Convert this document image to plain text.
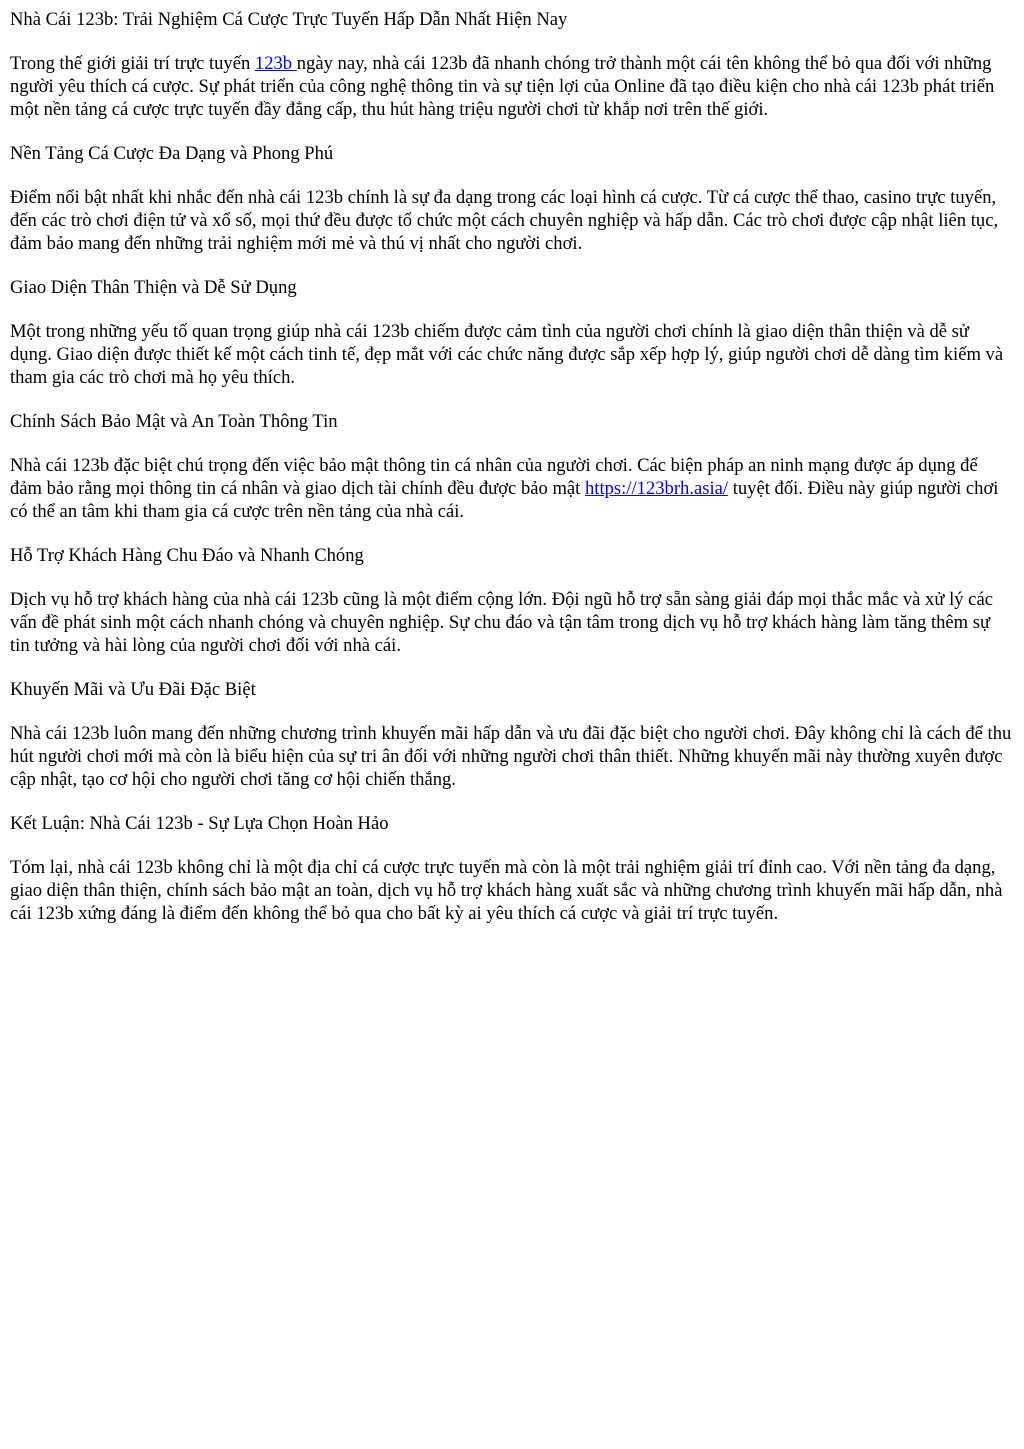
Nhà Cái 123b: Trải Nghiệm Cá Cược Trực Tuyến Hấp Dẫn Nhất Hiện Nay

Trong thế giới giải trí trực tuyến 123b ngày nay, nhà cái 123b đã nhanh chóng trở thành một cái tên không thể bỏ qua đối với những người yêu thích cá cược. Sự phát triển của công nghệ thông tin và sự tiện lợi của Online đã tạo điều kiện cho nhà cái 123b phát triển một nền tảng cá cược trực tuyến đầy đẳng cấp, thu hút hàng triệu người chơi từ khắp nơi trên thế giới.

Nền Tảng Cá Cược Đa Dạng và Phong Phú

Điểm nổi bật nhất khi nhắc đến nhà cái 123b chính là sự đa dạng trong các loại hình cá cược. Từ cá cược thể thao, casino trực tuyến, đến các trò chơi điện tử và xổ số, mọi thứ đều được tổ chức một cách chuyên nghiệp và hấp dẫn. Các trò chơi được cập nhật liên tục, đảm bảo mang đến những trải nghiệm mới mẻ và thú vị nhất cho người chơi.

Giao Diện Thân Thiện và Dễ Sử Dụng

Một trong những yếu tố quan trọng giúp nhà cái 123b chiếm được cảm tình của người chơi chính là giao diện thân thiện và dễ sử dụng. Giao diện được thiết kế một cách tinh tế, đẹp mắt với các chức năng được sắp xếp hợp lý, giúp người chơi dễ dàng tìm kiếm và tham gia các trò chơi mà họ yêu thích.

Chính Sách Bảo Mật và An Toàn Thông Tin

Nhà cái 123b đặc biệt chú trọng đến việc bảo mật thông tin cá nhân của người chơi. Các biện pháp an ninh mạng được áp dụng để đảm bảo rằng mọi thông tin cá nhân và giao dịch tài chính đều được bảo mật https://123brh.asia/ tuyệt đối. Điều này giúp người chơi có thể an tâm khi tham gia cá cược trên nền tảng của nhà cái.

Hỗ Trợ Khách Hàng Chu Đáo và Nhanh Chóng

Dịch vụ hỗ trợ khách hàng của nhà cái 123b cũng là một điểm cộng lớn. Đội ngũ hỗ trợ sẵn sàng giải đáp mọi thắc mắc và xử lý các vấn đề phát sinh một cách nhanh chóng và chuyên nghiệp. Sự chu đáo và tận tâm trong dịch vụ hỗ trợ khách hàng làm tăng thêm sự tin tưởng và hài lòng của người chơi đối với nhà cái.

Khuyến Mãi và Ưu Đãi Đặc Biệt

Nhà cái 123b luôn mang đến những chương trình khuyến mãi hấp dẫn và ưu đãi đặc biệt cho người chơi. Đây không chỉ là cách để thu hút người chơi mới mà còn là biểu hiện của sự tri ân đối với những người chơi thân thiết. Những khuyến mãi này thường xuyên được cập nhật, tạo cơ hội cho người chơi tăng cơ hội chiến thắng.

Kết Luận: Nhà Cái 123b - Sự Lựa Chọn Hoàn Hảo

Tóm lại, nhà cái 123b không chỉ là một địa chỉ cá cược trực tuyến mà còn là một trải nghiệm giải trí đỉnh cao. Với nền tảng đa dạng, giao diện thân thiện, chính sách bảo mật an toàn, dịch vụ hỗ trợ khách hàng xuất sắc và những chương trình khuyến mãi hấp dẫn, nhà cái 123b xứng đáng là điểm đến không thể bỏ qua cho bất kỳ ai yêu thích cá cược và giải trí trực tuyến.
